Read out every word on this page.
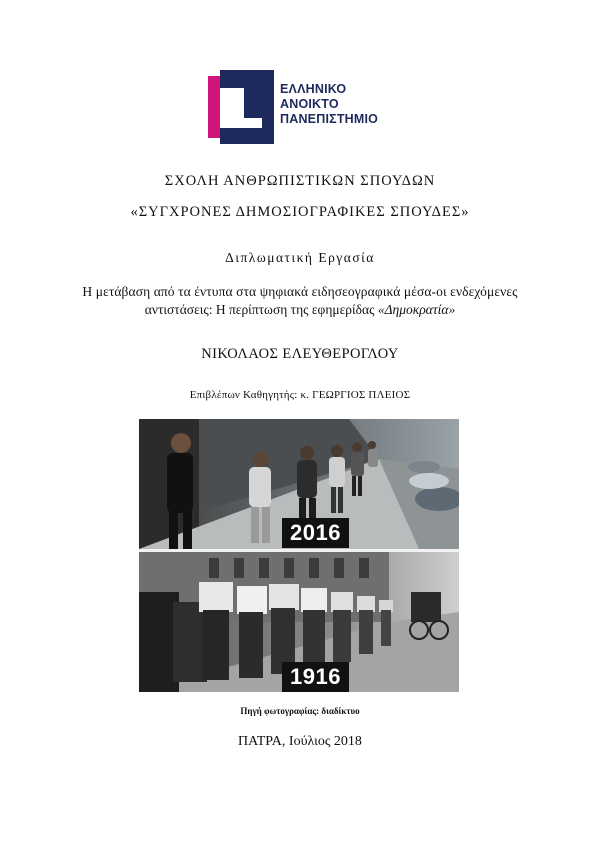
ΕΛΛΗΝΙΚΟ
ΑΝΟΙΚΤΟ
ΠΑΝΕΠΙΣΤΗΜΙΟ
ΣΧΟΛΗ ΑΝΘΡΩΠΙΣΤΙΚΩΝ ΣΠΟΥΔΩΝ
«ΣΥΓΧΡΟΝΕΣ ΔΗΜΟΣΙΟΓΡΑΦΙΚΕΣ ΣΠΟΥΔΕΣ»
Διπλωματική Εργασία
Η μετάβαση από τα έντυπα στα ψηφιακά ειδησεογραφικά μέσα-οι ενδεχόμενες
αντιστάσεις: Η περίπτωση της εφημερίδας «Δημοκρατία»
ΝΙΚΟΛΑΟΣ ΕΛΕΥΘΕΡΟΓΛΟΥ
Επιβλέπων Καθηγητής: κ. ΓΕΩΡΓΙΟΣ ΠΛΕΙΟΣ
2016
1916
Πηγή φωτογραφίας: διαδίκτυο
ΠΑΤΡΑ, Ιούλιος 2018
